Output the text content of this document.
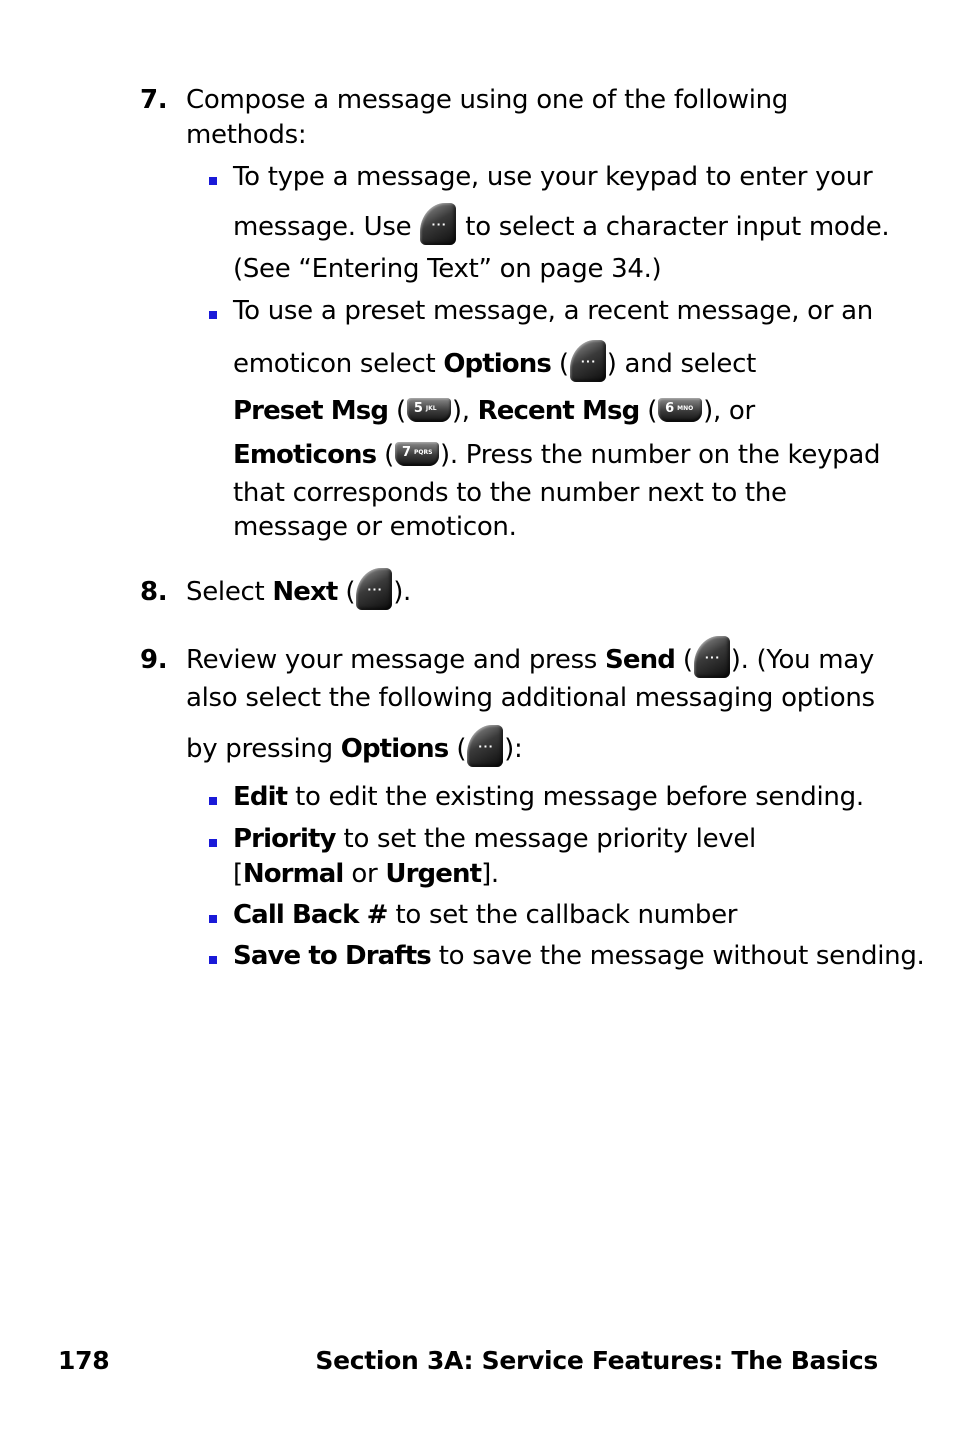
7. Compose a message using one of the following
methods:
To type a message, use your keypad to enter your
message. Use ··· to select a character input mode.
(See “Entering Text” on page 34.)
To use a preset message, a recent message, or an
emoticon select Options ( ··· ) and select
Preset Msg ( 5 JKL ), Recent Msg ( 6 MNO ), or
Emoticons ( 7 PQRS ). Press the number on the keypad
that corresponds to the number next to the
message or emoticon.
8. Select Next ( ··· ).
9. Review your message and press Send ( ··· ). (You may
also select the following additional messaging options
by pressing Options ( ··· ):
Edit to edit the existing message before sending.
Priority to set the message priority level
[Normal or Urgent].
Call Back # to set the callback number
Save to Drafts to save the message without sending.
178	Section 3A: Service Features: The Basics
